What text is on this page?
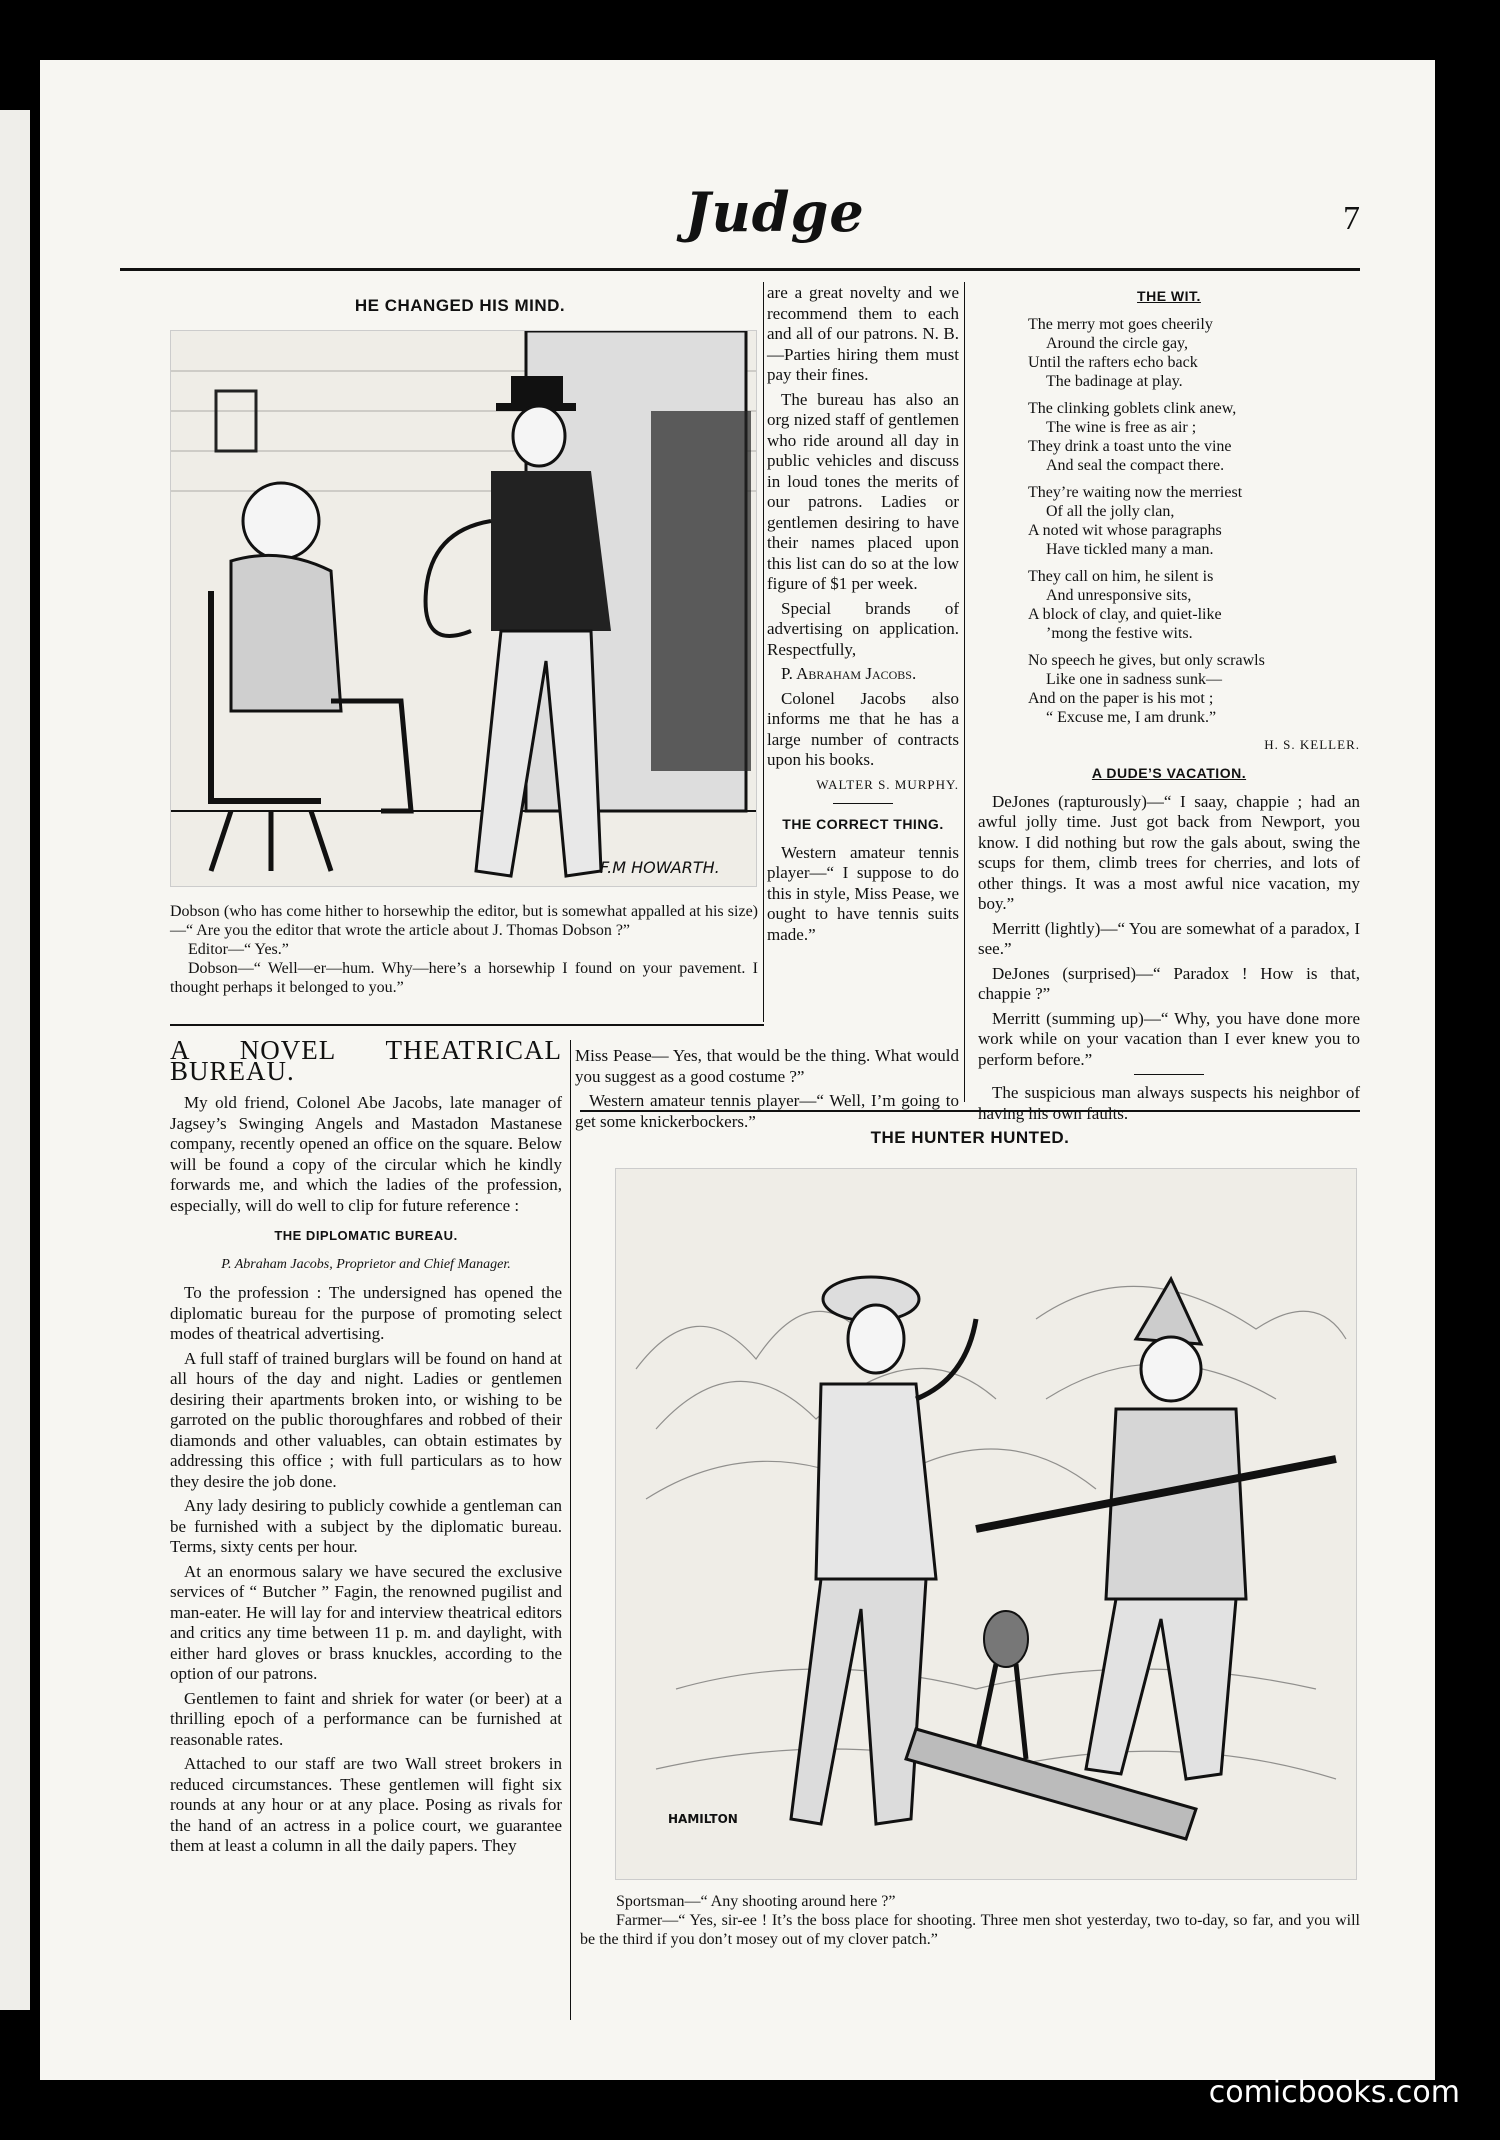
Judge	7
HE CHANGED HIS MIND.
F.M HOWARTH.
Dobson (who has come hither to horsewhip the editor, but is somewhat appalled at his size)—“ Are you the editor that wrote the article about J. Thomas Dobson ?”
Editor—“ Yes.”
Dobson—“ Well—er—hum. Why—here’s a horsewhip I found on your pavement. I thought perhaps it belonged to you.”

are a great novelty and we recommend them to each and all of our patrons. N. B.—Parties hiring them must pay their fines.

The bureau has also an org nized staff of gentlemen who ride around all day in public vehicles and discuss in loud tones the merits of our patrons. Ladies or gentlemen desiring to have their names placed upon this list can do so at the low figure of $1 per week.

Special brands of advertising on application. Respectfully,

P. Abraham Jacobs.

Colonel Jacobs also informs me that he has a large number of contracts upon his books.

WALTER S. MURPHY.
THE CORRECT THING.

Western amateur tennis player—“ I suppose to do this in style, Miss Pease, we ought to have tennis suits made.”

Miss Pease— Yes, that would be the thing. What would you suggest as a good costume ?”

Western amateur tennis player—“ Well, I’m going to get some knickerbockers.”

THE WIT.
The merry mot goes cheerily
Around the circle gay,
Until the rafters echo back
The badinage at play.
The clinking goblets clink anew,
The wine is free as air ;
They drink a toast unto the vine
And seal the compact there.
They’re waiting now the merriest
Of all the jolly clan,
A noted wit whose paragraphs
Have tickled many a man.
They call on him, he silent is
And unresponsive sits,
A block of clay, and quiet-like
’mong the festive wits.
No speech he gives, but only scrawls
Like one in sadness sunk—
And on the paper is his mot ;
“ Excuse me, I am drunk.”
H. S. KELLER.
A DUDE’S VACATION.

DeJones (rapturously)—“ I saay, chappie ; had an awful jolly time. Just got back from Newport, you know. I did nothing but row the gals about, swing the scups for them, climb trees for cherries, and lots of other things. It was a most awful nice vacation, my boy.”

Merritt (lightly)—“ You are somewhat of a paradox, I see.”

DeJones (surprised)—“ Paradox ! How is that, chappie ?”

Merritt (summing up)—“ Why, you have done more work while on your vacation than I ever knew you to perform before.”

The suspicious man always suspects his neighbor of having his own faults.

A NOVEL THEATRICAL BUREAU.

My old friend, Colonel Abe Jacobs, late manager of Jagsey’s Swinging Angels and Mastadon Mastanese company, recently opened an office on the square. Below will be found a copy of the circular which he kindly forwards me, and which the ladies of the profession, especially, will do well to clip for future reference :

THE DIPLOMATIC BUREAU.
P. Abraham Jacobs, Proprietor and Chief Manager.

To the profession : The undersigned has opened the diplomatic bureau for the purpose of promoting select modes of theatrical advertising.

A full staff of trained burglars will be found on hand at all hours of the day and night. Ladies or gentlemen desiring their apartments broken into, or wishing to be garroted on the public thoroughfares and robbed of their diamonds and other valuables, can obtain estimates by addressing this office ; with full particulars as to how they desire the job done.

Any lady desiring to publicly cowhide a gentleman can be furnished with a subject by the diplomatic bureau. Terms, sixty cents per hour.

At an enormous salary we have secured the exclusive services of “ Butcher ” Fagin, the renowned pugilist and man-eater. He will lay for and interview theatrical editors and critics any time between 11 p. m. and daylight, with either hard gloves or brass knuckles, according to the option of our patrons.

Gentlemen to faint and shriek for water (or beer) at a thrilling epoch of a performance can be furnished at reasonable rates.

Attached to our staff are two Wall street brokers in reduced circumstances. These gentlemen will fight six rounds at any hour or at any place. Posing as rivals for the hand of an actress in a police court, we guarantee them at least a column in all the daily papers. They

THE HUNTER HUNTED.
HAMILTON
Sportsman—“ Any shooting around here ?”
Farmer—“ Yes, sir-ee ! It’s the boss place for shooting. Three men shot yesterday, two to-day, so far, and you will be the third if you don’t mosey out of my clover patch.”
comicbooks.com
